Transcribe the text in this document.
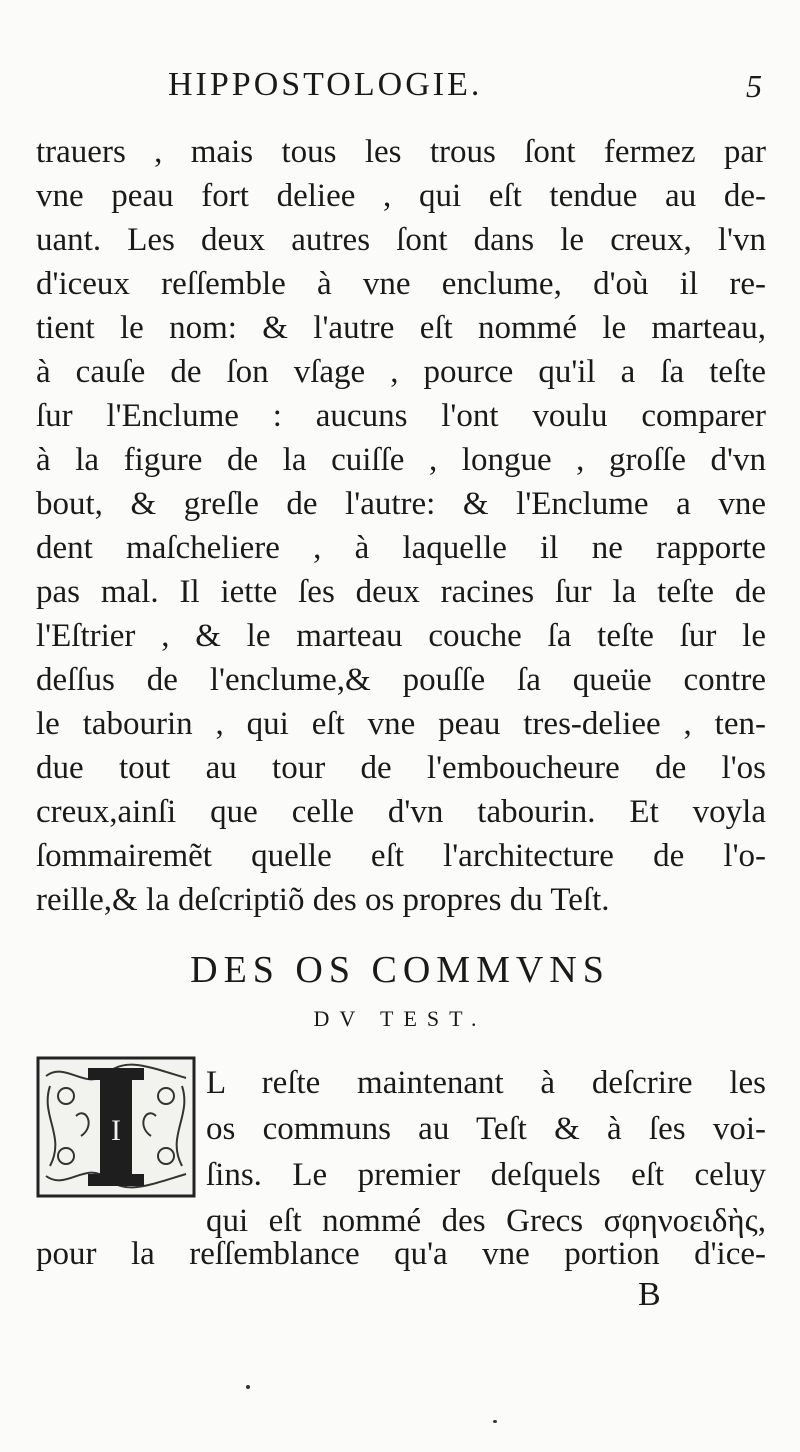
HIPPOSTOLOGIE.	5
trauers , mais tous les trous ſont fermez par
vne peau fort deliee , qui eſt tendue au de-
uant. Les deux autres ſont dans le creux, l'vn
d'iceux reſſemble à vne enclume, d'où il re-
tient le nom: & l'autre eſt nommé le marteau,
à cauſe de ſon vſage , pource qu'il a ſa teſte
ſur l'Enclume : aucuns l'ont voulu comparer
à la figure de la cuiſſe , longue , groſſe d'vn
bout, & greſle de l'autre: & l'Enclume a vne
dent maſcheliere , à laquelle il ne rapporte
pas mal. Il iette ſes deux racines ſur la teſte de
l'Eſtrier , & le marteau couche ſa teſte ſur le
deſſus de l'enclume,& pouſſe ſa queüe contre
le tabourin , qui eſt vne peau tres-deliee , ten-
due tout au tour de l'embouchеure de l'os
creux,ainſi que celle d'vn tabourin. Et voyla
ſommairemẽt quelle eſt l'architecture de l'o-
reille,& la deſcriptiõ des os propres du Teſt.
DES OS COMMVNS
DV TEST.
I
L reſte maintenant à deſcrire les
os communs au Teſt & à ſes voi-
ſins. Le premier deſquels eſt celuy
qui eſt nommé des Grecs σφηνοειδὴς,
pour la reſſemblance qu'a vne portion d'ice-
B
